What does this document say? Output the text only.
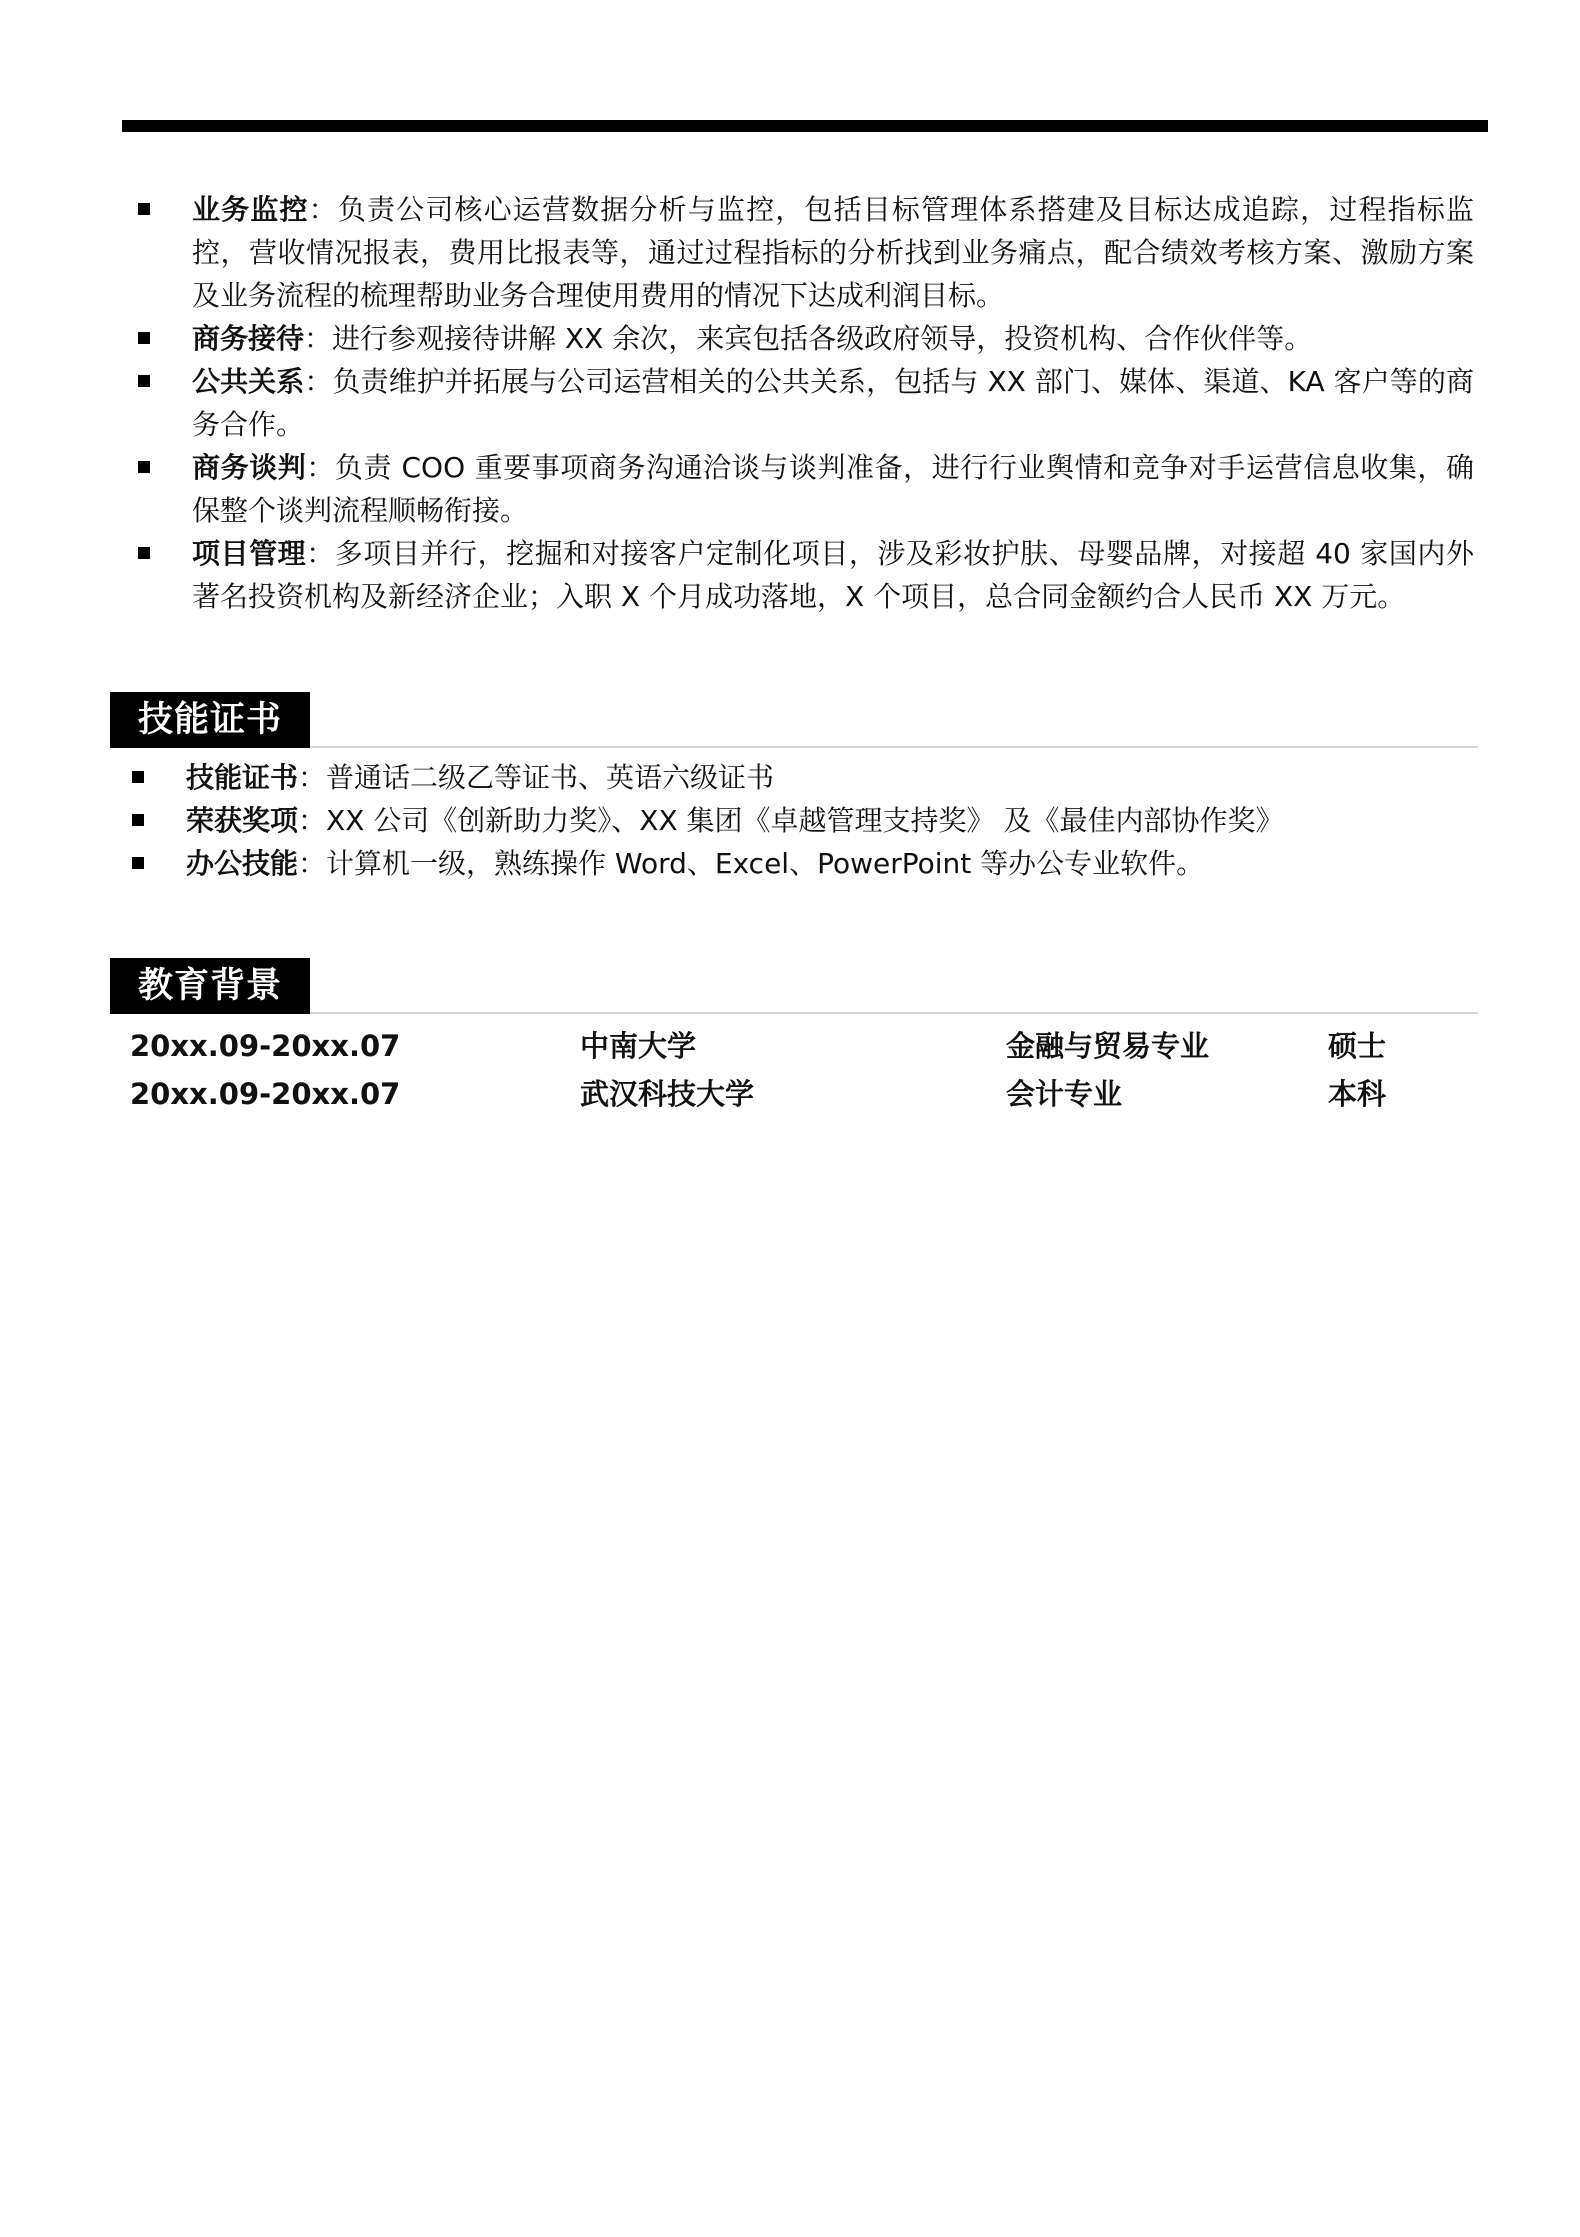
业务监控：负责公司核心运营数据分析与监控，包括目标管理体系搭建及目标达成追踪，过程指标监控，营收情况报表，费用比报表等，通过过程指标的分析找到业务痛点，配合绩效考核方案、激励方案及业务流程的梳理帮助业务合理使用费用的情况下达成利润目标。
商务接待：进行参观接待讲解 XX 余次，来宾包括各级政府领导，投资机构、合作伙伴等。
公共关系：负责维护并拓展与公司运营相关的公共关系，包括与 XX 部门、媒体、渠道、KA 客户等的商务合作。
商务谈判：负责 COO 重要事项商务沟通洽谈与谈判准备，进行行业舆情和竞争对手运营信息收集，确保整个谈判流程顺畅衔接。
项目管理：多项目并行，挖掘和对接客户定制化项目，涉及彩妆护肤、母婴品牌，对接超 40 家国内外著名投资机构及新经济企业；入职 X 个月成功落地，X 个项目，总合同金额约合人民币 XX 万元。
技能证书
技能证书：普通话二级乙等证书、英语六级证书
荣获奖项：XX 公司《创新助力奖》、XX 集团《卓越管理支持奖》 及《最佳内部协作奖》
办公技能：计算机一级，熟练操作 Word、Excel、PowerPoint 等办公专业软件。
教育背景
20xx.09-20xx.07	中南大学	金融与贸易专业	硕士
20xx.09-20xx.07	武汉科技大学	会计专业	本科
